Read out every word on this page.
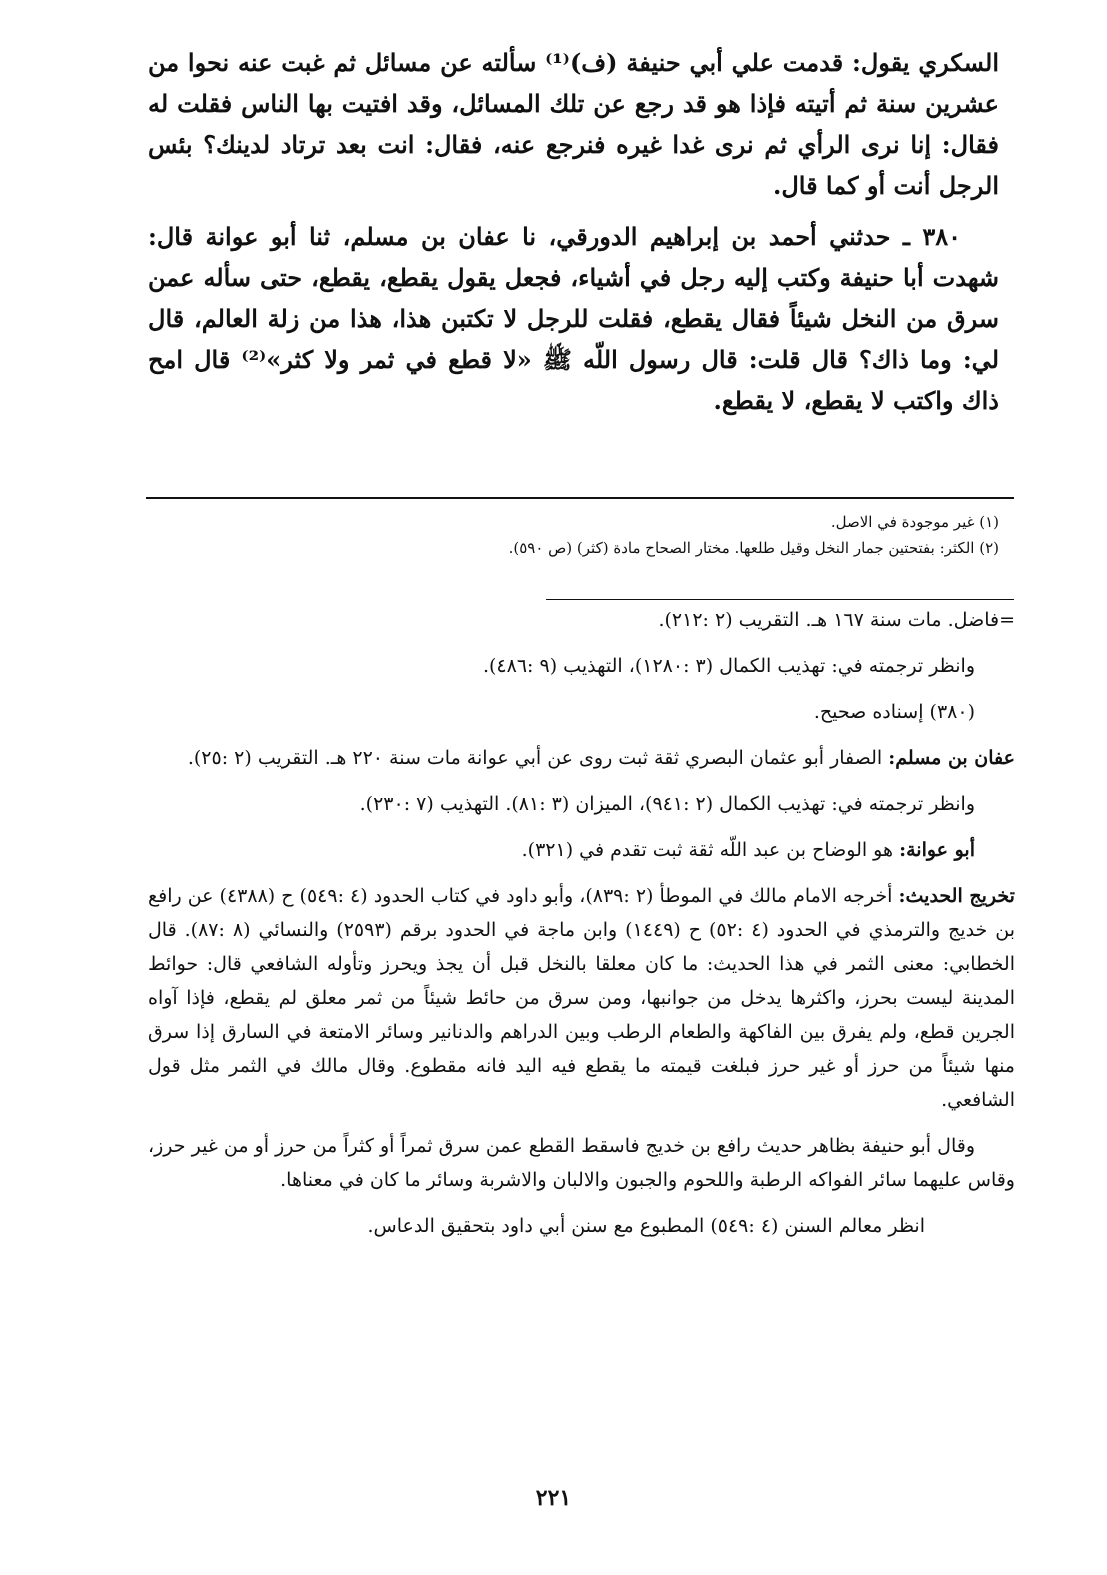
السكري يقول: قدمت علي أبي حنيفة (ف)⁽¹⁾ سألته عن مسائل ثم غبت عنه نحوا من عشرين سنة ثم أتيته فإذا هو قد رجع عن تلك المسائل، وقد افتيت بها الناس فقلت له فقال: إنا نرى الرأي ثم نرى غدا غيره فنرجع عنه، فقال: انت بعد ترتاد لدينك؟ بئس الرجل أنت أو كما قال.

٣٨٠ ـ حدثني أحمد بن إبراهيم الدورقي، نا عفان بن مسلم، ثنا أبو عوانة قال: شهدت أبا حنيفة وكتب إليه رجل في أشياء، فجعل يقول يقطع، يقطع، حتى سأله عمن سرق من النخل شيئاً فقال يقطع، فقلت للرجل لا تكتبن هذا، هذا من زلة العالم، قال لي: وما ذاك؟ قال قلت: قال رسول اللّه ﷺ «لا قطع في ثمر ولا كثر»⁽²⁾ قال امح ذاك واكتب لا يقطع، لا يقطع.

(١) غير موجودة في الاصل.

(٢) الكثر: بفتحتين جمار النخل وقيل طلعها. مختار الصحاح مادة (كثر) (ص ٥٩٠).

=فاضل. مات سنة ١٦٧ هـ. التقريب (٢ :٢١٢).

وانظر ترجمته في: تهذيب الكمال (٣ :١٢٨٠)، التهذيب (٩ :٤٨٦).

(٣٨٠) إسناده صحيح.

عفان بن مسلم: الصفار أبو عثمان البصري ثقة ثبت روى عن أبي عوانة مات سنة ٢٢٠ هـ. التقريب (٢ :٢٥).

وانظر ترجمته في: تهذيب الكمال (٢ :٩٤١)، الميزان (٣ :٨١). التهذيب (٧ :٢٣٠).

أبو عوانة: هو الوضاح بن عبد اللّه ثقة ثبت تقدم في (٣٢١).

تخريج الحديث: أخرجه الامام مالك في الموطأ (٢ :٨٣٩)، وأبو داود في كتاب الحدود (٤ :٥٤٩) ح (٤٣٨٨) عن رافع بن خديج والترمذي في الحدود (٤ :٥٢) ح (١٤٤٩) وابن ماجة في الحدود برقم (٢٥٩٣) والنسائي (٨ :٨٧). قال الخطابي: معنى الثمر في هذا الحديث: ما كان معلقا بالنخل قبل أن يجذ ويحرز وتأوله الشافعي قال: حوائط المدينة ليست بحرز، واكثرها يدخل من جوانبها، ومن سرق من حائط شيئاً من ثمر معلق لم يقطع، فإذا آواه الجرين قطع، ولم يفرق بين الفاكهة والطعام الرطب وبين الدراهم والدنانير وسائر الامتعة في السارق إذا سرق منها شيئاً من حرز أو غير حرز فبلغت قيمته ما يقطع فيه اليد فانه مقطوع. وقال مالك في الثمر مثل قول الشافعي.

وقال أبو حنيفة بظاهر حديث رافع بن خديج فاسقط القطع عمن سرق ثمراً أو كثراً من حرز أو من غير حرز، وقاس عليهما سائر الفواكه الرطبة واللحوم والجبون والالبان والاشربة وسائر ما كان في معناها.

انظر معالم السنن (٤ :٥٤٩) المطبوع مع سنن أبي داود بتحقيق الدعاس.

٢٢١
